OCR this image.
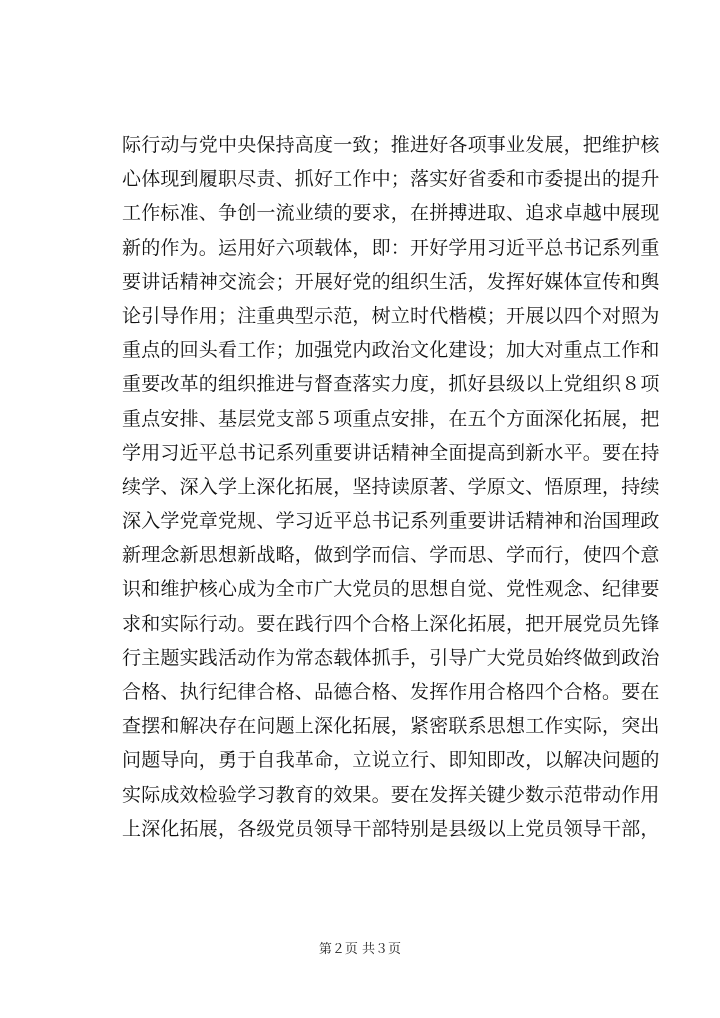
际行动与党中央保持高度一致；推进好各项事业发展，把维护核
心体现到履职尽责、抓好工作中；落实好省委和市委提出的提升
工作标准、争创一流业绩的要求，在拼搏进取、追求卓越中展现
新的作为。运用好六项载体，即：开好学用习近平总书记系列重
要讲话精神交流会；开展好党的组织生活，发挥好媒体宣传和舆
论引导作用；注重典型示范，树立时代楷模；开展以四个对照为
重点的回头看工作；加强党内政治文化建设；加大对重点工作和
重要改革的组织推进与督查落实力度，抓好县级以上党组织８项
重点安排、基层党支部５项重点安排，在五个方面深化拓展，把
学用习近平总书记系列重要讲话精神全面提高到新水平。要在持
续学、深入学上深化拓展，坚持读原著、学原文、悟原理，持续
深入学党章党规、学习近平总书记系列重要讲话精神和治国理政
新理念新思想新战略，做到学而信、学而思、学而行，使四个意
识和维护核心成为全市广大党员的思想自觉、党性观念、纪律要
求和实际行动。要在践行四个合格上深化拓展，把开展党员先锋
行主题实践活动作为常态载体抓手，引导广大党员始终做到政治
合格、执行纪律合格、品德合格、发挥作用合格四个合格。要在
查摆和解决存在问题上深化拓展，紧密联系思想工作实际，突出
问题导向，勇于自我革命，立说立行、即知即改，以解决问题的
实际成效检验学习教育的效果。要在发挥关键少数示范带动作用
上深化拓展，各级党员领导干部特别是县级以上党员领导干部，
第２页 共３页
